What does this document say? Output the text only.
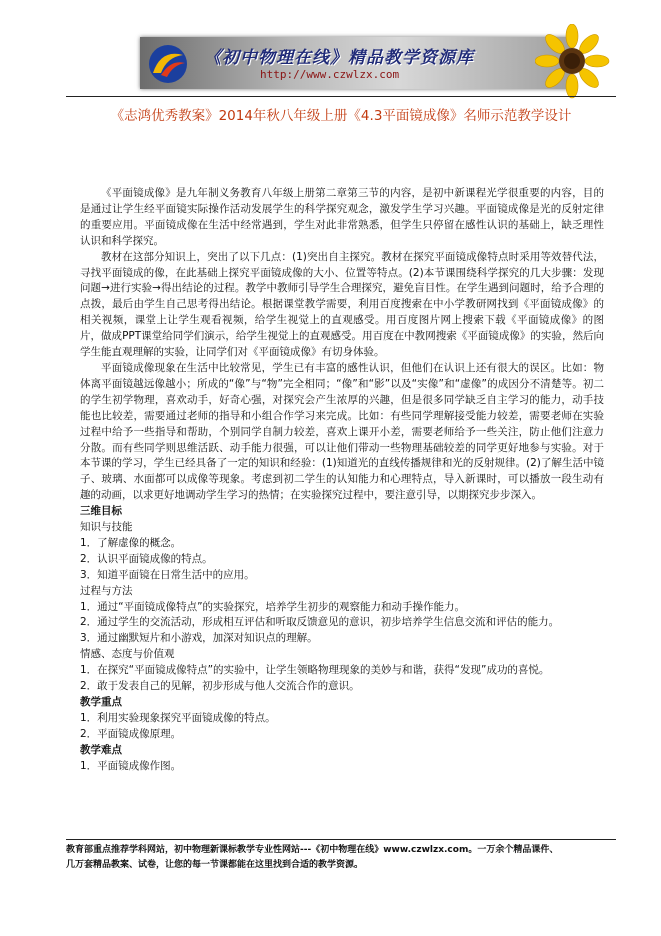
《初中物理在线》精品教学资源库
http://www.czwlzx.com
《志鸿优秀教案》2014年秋八年级上册《4.3平面镜成像》名师示范教学设计

《平面镜成像》是九年制义务教育八年级上册第二章第三节的内容，是初中新课程光学很重要的内容，目的是通过让学生经平面镜实际操作活动发展学生的科学探究观念，激发学生学习兴趣。平面镜成像是光的反射定律的重要应用。平面镜成像在生活中经常遇到，学生对此非常熟悉，但学生只停留在感性认识的基础上，缺乏理性认识和科学探究。

教材在这部分知识上，突出了以下几点：(1)突出自主探究。教材在探究平面镜成像特点时采用等效替代法，寻找平面镜成的像，在此基础上探究平面镜成像的大小、位置等特点。(2)本节课围绕科学探究的几大步骤：发现问题→进行实验→得出结论的过程。教学中教师引导学生合理探究，避免盲目性。在学生遇到问题时，给予合理的点拨，最后由学生自己思考得出结论。根据课堂教学需要，利用百度搜索在中小学教研网找到《平面镜成像》的相关视频，课堂上让学生观看视频，给学生视觉上的直观感受。用百度图片网上搜索下载《平面镜成像》的图片，做成PPT课堂给同学们演示，给学生视觉上的直观感受。用百度在中教网搜索《平面镜成像》的实验，然后向学生能直观理解的实验，让同学们对《平面镜成像》有切身体验。

平面镜成像现象在生活中比较常见，学生已有丰富的感性认识，但他们在认识上还有很大的误区。比如：物体离平面镜越远像越小；所成的“像”与“物”完全相同；“像”和“影”以及“实像”和“虚像”的成因分不清楚等。初二的学生初学物理，喜欢动手，好奇心强，对探究会产生浓厚的兴趣，但是很多同学缺乏自主学习的能力，动手技能也比较差，需要通过老师的指导和小组合作学习来完成。比如：有些同学理解接受能力较差，需要老师在实验过程中给予一些指导和帮助，个别同学自制力较差，喜欢上课开小差，需要老师给予一些关注，防止他们注意力分散。而有些同学则思维活跃、动手能力很强，可以让他们带动一些物理基础较差的同学更好地参与实验。对于本节课的学习，学生已经具备了一定的知识和经验：(1)知道光的直线传播规律和光的反射规律。(2)了解生活中镜子、玻璃、水面都可以成像等现象。考虑到初二学生的认知能力和心理特点，导入新课时，可以播放一段生动有趣的动画，以求更好地调动学生学习的热情；在实验探究过程中，要注意引导，以期探究步步深入。

三维目标

知识与技能

1．了解虚像的概念。

2．认识平面镜成像的特点。

3．知道平面镜在日常生活中的应用。

过程与方法

1．通过“平面镜成像特点”的实验探究，培养学生初步的观察能力和动手操作能力。

2．通过学生的交流活动，形成相互评估和听取反馈意见的意识，初步培养学生信息交流和评估的能力。

3．通过幽默短片和小游戏，加深对知识点的理解。

情感、态度与价值观

1．在探究“平面镜成像特点”的实验中，让学生领略物理现象的美妙与和谐，获得“发现”成功的喜悦。

2．敢于发表自己的见解，初步形成与他人交流合作的意识。

教学重点

1．利用实验现象探究平面镜成像的特点。

2．平面镜成像原理。

教学难点

1．平面镜成像作图。

教育部重点推荐学科网站，初中物理新课标教学专业性网站---《初中物理在线》www.czwlzx.com。一万余个精品课件、
几万套精品教案、试卷，让您的每一节课都能在这里找到合适的教学资源。
